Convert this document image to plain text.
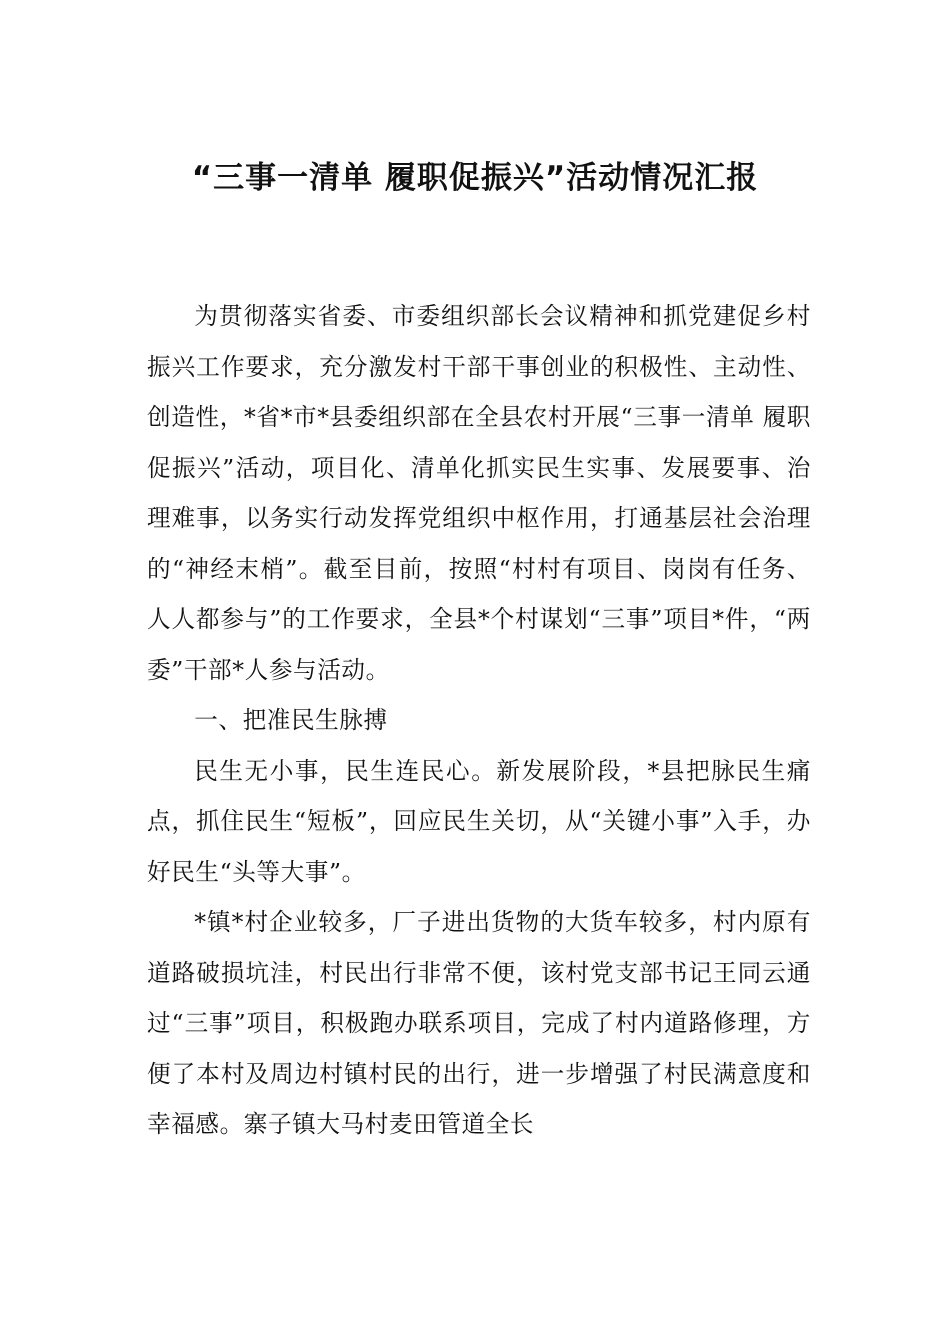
“三事一清单 履职促振兴”活动情况汇报

为贯彻落实省委、市委组织部长会议精神和抓党建促乡村振兴工作要求，充分激发村干部干事创业的积极性、主动性、创造性，*省*市*县委组织部在全县农村开展“三事一清单 履职促振兴”活动，项目化、清单化抓实民生实事、发展要事、治理难事，以务实行动发挥党组织中枢作用，打通基层社会治理的“神经末梢”。截至目前，按照“村村有项目、岗岗有任务、人人都参与”的工作要求，全县*个村谋划“三事”项目*件，“两委”干部*人参与活动。

一、把准民生脉搏

民生无小事，民生连民心。新发展阶段，*县把脉民生痛点，抓住民生“短板”，回应民生关切，从“关键小事”入手，办好民生“头等大事”。

*镇*村企业较多，厂子进出货物的大货车较多，村内原有道路破损坑洼，村民出行非常不便，该村党支部书记王同云通过“三事”项目，积极跑办联系项目，完成了村内道路修理，方便了本村及周边村镇村民的出行，进一步增强了村民满意度和幸福感。寨子镇大马村麦田管道全长
